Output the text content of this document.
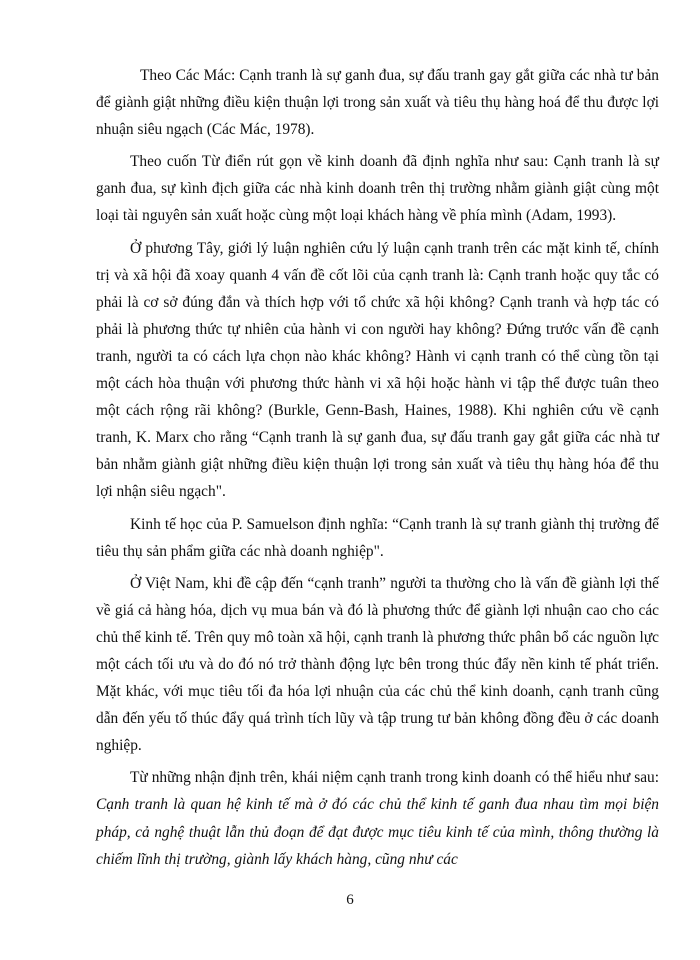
Theo Các Mác: Cạnh tranh là sự ganh đua, sự đấu tranh gay gắt giữa các nhà tư bản để giành giật những điều kiện thuận lợi trong sản xuất và tiêu thụ hàng hoá để thu được lợi nhuận siêu ngạch (Các Mác, 1978).

Theo cuốn Từ điển rút gọn về kinh doanh đã định nghĩa như sau: Cạnh tranh là sự ganh đua, sự kình địch giữa các nhà kinh doanh trên thị trường nhằm giành giật cùng một loại tài nguyên sản xuất hoặc cùng một loại khách hàng về phía mình (Adam, 1993).

Ở phương Tây, giới lý luận nghiên cứu lý luận cạnh tranh trên các mặt kinh tế, chính trị và xã hội đã xoay quanh 4 vấn đề cốt lõi của cạnh tranh là: Cạnh tranh hoặc quy tắc có phải là cơ sở đúng đắn và thích hợp với tổ chức xã hội không? Cạnh tranh và hợp tác có phải là phương thức tự nhiên của hành vi con người hay không? Đứng trước vấn đề cạnh tranh, người ta có cách lựa chọn nào khác không? Hành vi cạnh tranh có thể cùng tồn tại một cách hòa thuận với phương thức hành vi xã hội hoặc hành vi tập thể được tuân theo một cách rộng rãi không? (Burkle, Genn-Bash, Haines, 1988). Khi nghiên cứu về cạnh tranh, K. Marx cho rằng “Cạnh tranh là sự ganh đua, sự đấu tranh gay gắt giữa các nhà tư bản nhằm giành giật những điều kiện thuận lợi trong sản xuất và tiêu thụ hàng hóa để thu lợi nhận siêu ngạch".

Kinh tế học của P. Samuelson định nghĩa: “Cạnh tranh là sự tranh giành thị trường để tiêu thụ sản phẩm giữa các nhà doanh nghiệp".

Ở Việt Nam, khi đề cập đến “cạnh tranh” người ta thường cho là vấn đề giành lợi thế về giá cả hàng hóa, dịch vụ mua bán và đó là phương thức để giành lợi nhuận cao cho các chủ thể kinh tế. Trên quy mô toàn xã hội, cạnh tranh là phương thức phân bổ các nguồn lực một cách tối ưu và do đó nó trở thành động lực bên trong thúc đẩy nền kinh tế phát triển. Mặt khác, với mục tiêu tối đa hóa lợi nhuận của các chủ thể kinh doanh, cạnh tranh cũng dẫn đến yếu tố thúc đẩy quá trình tích lũy và tập trung tư bản không đồng đều ở các doanh nghiệp.

Từ những nhận định trên, khái niệm cạnh tranh trong kinh doanh có thể hiểu như sau: Cạnh tranh là quan hệ kinh tế mà ở đó các chủ thể kinh tế ganh đua nhau tìm mọi biện pháp, cả nghệ thuật lẫn thủ đoạn để đạt được mục tiêu kinh tế của mình, thông thường là chiếm lĩnh thị trường, giành lấy khách hàng, cũng như các

6
